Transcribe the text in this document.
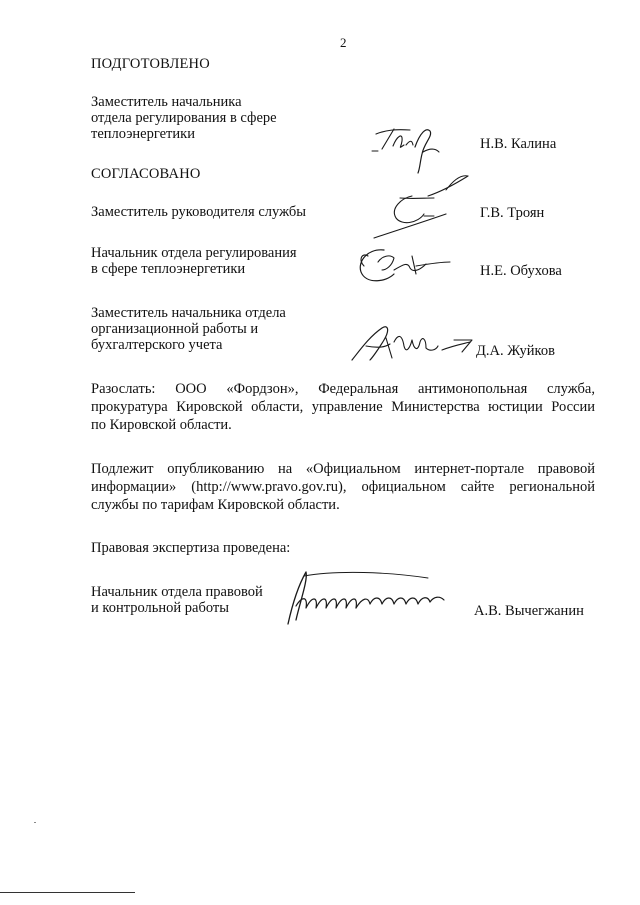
2
ПОДГОТОВЛЕНО
Заместитель начальника
отдела регулирования в сфере
теплоэнергетики
Н.В. Калина
СОГЛАСОВАНО
Заместитель руководителя службы	Г.В. Троян
Начальник отдела регулирования
в сфере теплоэнергетики	Н.Е. Обухова
Заместитель начальника отдела
организационной работы и
бухгалтерского учета	Д.А. Жуйков
Разослать: ООО «Фордзон», Федеральная антимонопольная служба,
прокуратура Кировской области, управление Министерства юстиции России
по Кировской области.
Подлежит опубликованию на «Официальном интернет-портале правовой
информации» (http://www.pravo.gov.ru), официальном сайте региональной
службы по тарифам Кировской области.
Правовая экспертиза проведена:
Начальник отдела правовой
и контрольной работы	А.В. Вычегжанин
